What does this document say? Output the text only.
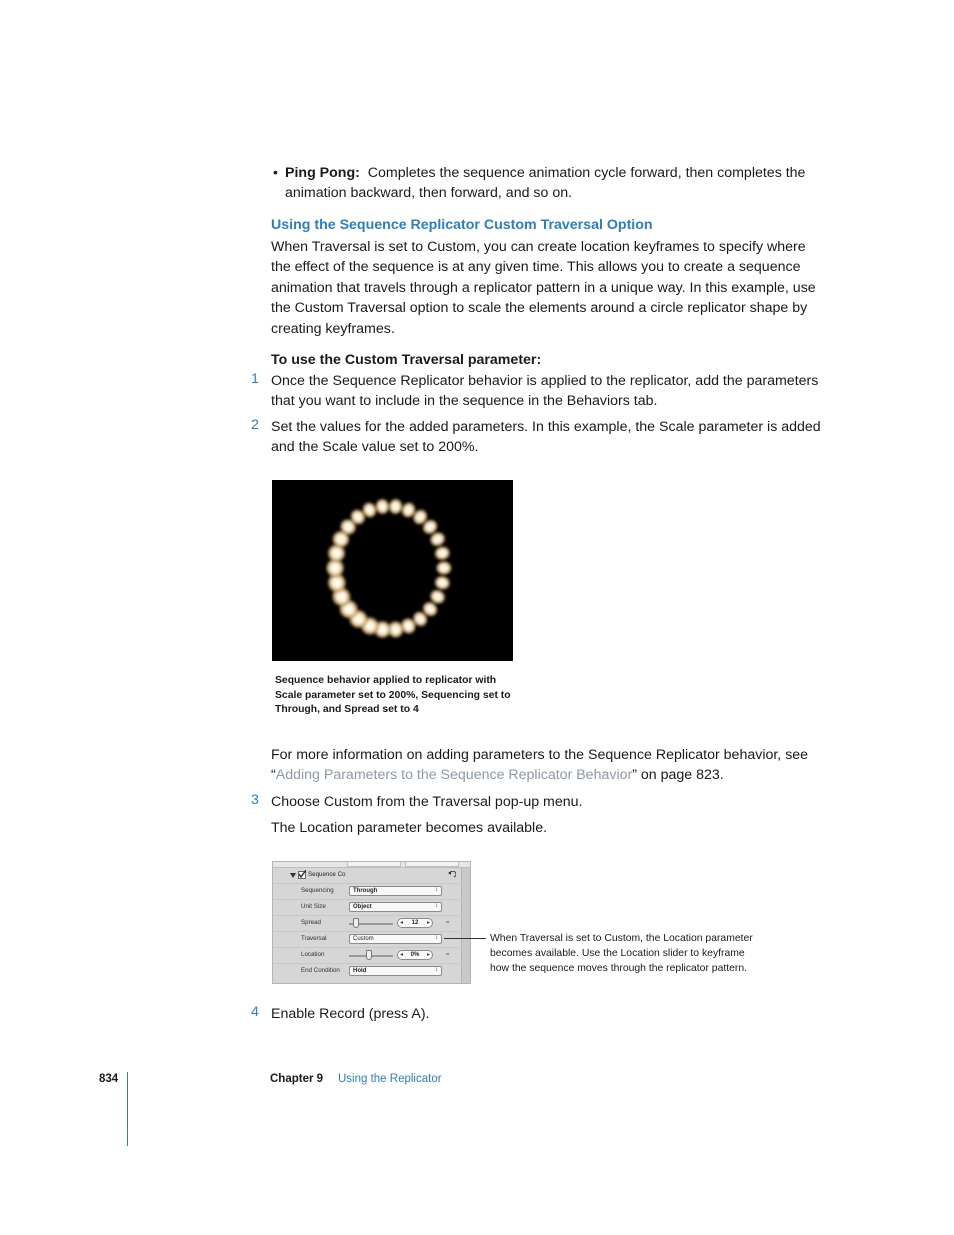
• Ping Pong: Completes the sequence animation cycle forward, then completes the
animation backward, then forward, and so on.
Using the Sequence Replicator Custom Traversal Option
When Traversal is set to Custom, you can create location keyframes to specify where
the effect of the sequence is at any given time. This allows you to create a sequence
animation that travels through a replicator pattern in a unique way. In this example, use
the Custom Traversal option to scale the elements around a circle replicator shape by
creating keyframes.
To use the Custom Traversal parameter:
1 Once the Sequence Replicator behavior is applied to the replicator, add the parameters
that you want to include in the sequence in the Behaviors tab.
2 Set the values for the added parameters. In this example, the Scale parameter is added
and the Scale value set to 200%.
Sequence behavior applied to replicator with
Scale parameter set to 200%, Sequencing set to
Through, and Spread set to 4
For more information on adding parameters to the Sequence Replicator behavior, see
“Adding Parameters to the Sequence Replicator Behavior” on page 823.
3 Choose Custom from the Traversal pop-up menu.
The Location parameter becomes available.
Sequence Co
Sequencing	Through	↕
Unit Size	Object	↕
Spread	◂	12	▸	=
Traversal	Custom	↕
Location	◂	0%	▸	=
End Condition Hold	↕
When Traversal is set to Custom, the Location parameter
becomes available. Use the Location slider to keyframe
how the sequence moves through the replicator pattern.
4 Enable Record (press A).
834	Chapter 9 Using the Replicator
